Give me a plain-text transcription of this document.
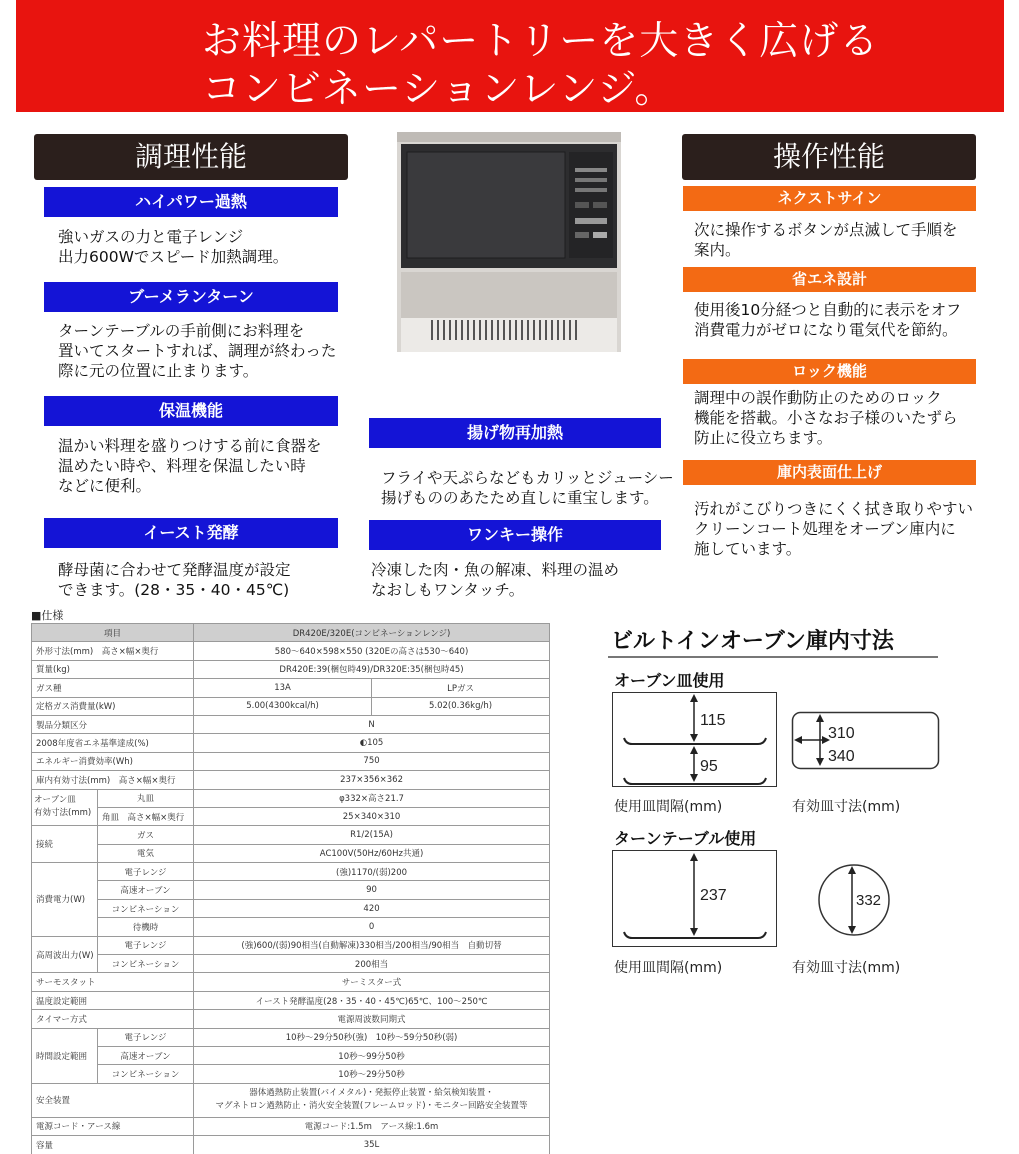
お料理のレパートリーを大きく広げる
コンビネーションレンジ。
調理性能
ハイパワー過熱
強いガスの力と電子レンジ
出力600Wでスピード加熱調理。
ブーメランターン
ターンテーブルの手前側にお料理を
置いてスタートすれば、調理が終わった
際に元の位置に止まります。
保温機能
温かい料理を盛りつけする前に食器を
温めたい時や、料理を保温したい時
などに便利。
イースト発酵
酵母菌に合わせて発酵温度が設定
できます。(28・35・40・45℃)
揚げ物再加熱
フライや天ぷらなどもカリッとジューシー
揚げもののあたため直しに重宝します。
ワンキー操作
冷凍した肉・魚の解凍、料理の温め
なおしもワンタッチ。
操作性能
ネクストサイン
次に操作するボタンが点滅して手順を
案内。
省エネ設計
使用後10分経つと自動的に表示をオフ
消費電力がゼロになり電気代を節約。
ロック機能
調理中の誤作動防止のためのロック
機能を搭載。小さなお子様のいたずら
防止に役立ちます。
庫内表面仕上げ
汚れがこびりつきにくく拭き取りやすい
クリーンコート処理をオーブン庫内に
施しています。
■仕様
項目		DR420E/320E(コンビネーションレンジ)	
外形寸法(mm)　高さ×幅×奥行		580〜640×598×550 (320Eの高さは530〜640)	
質量(kg)		DR420E:39(梱包時49)/DR320E:35(梱包時45)	
ガス種		13A	LPガス
定格ガス消費量(kW)		5.00(4300kcal/h)	5.02(0.36kg/h)
製品分類区分		N	
2008年度省エネ基準達成(%)		◐105	
エネルギー消費効率(Wh)		750	
庫内有効寸法(mm)　高さ×幅×奥行		237×356×362	

オーブン皿
有効寸法(mm)	丸皿	φ332×高さ21.7	
	角皿　高さ×幅×奥行	25×340×310	
接続	ガス	R1/2(15A)	
	電気	AC100V(50Hz/60Hz共通)	
消費電力(W)	電子レンジ	(強)1170/(弱)200	
	高速オーブン	90	
	コンビネーション	420	
	待機時	0	
高周波出力(W)	電子レンジ	(強)600/(弱)90相当(自動解凍)330相当/200相当/90相当　自動切替	
	コンビネーション	200相当	
サーモスタット		サーミスター式	
温度設定範囲		イースト発酵温度(28・35・40・45℃)65℃、100〜250℃	
タイマー方式		電源周波数同期式	
時間設定範囲	電子レンジ	10秒〜29分50秒(強)　10秒〜59分50秒(弱)	
	高速オーブン	10秒〜99分50秒	
	コンビネーション	10秒〜29分50秒	
安全装置		器体過熱防止装置(バイメタル)・発振停止装置・給気検知装置・
マグネトロン過熱防止・消火安全装置(フレームロッド)・モニター回路安全装置等	

電源コード・アース線		電源コード:1.5m　アース線:1.6m	
容量		35L	
ビルトインオーブン庫内寸法
オーブン皿使用
115
95
310
340
使用皿間隔(mm)	有効皿寸法(mm)
ターンテーブル使用
237	332
使用皿間隔(mm)	有効皿寸法(mm)
